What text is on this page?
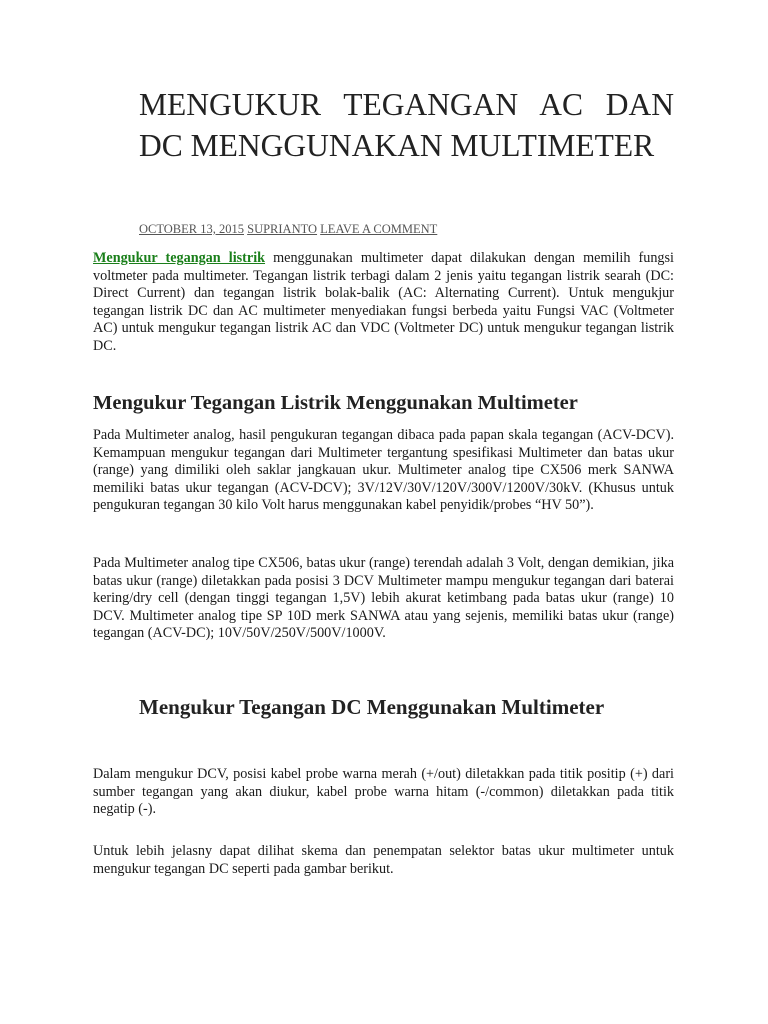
MENGUKUR TEGANGAN AC DAN DC MENGGUNAKAN MULTIMETER
OCTOBER 13, 2015 SUPRIANTO LEAVE A COMMENT

Mengukur tegangan listrik menggunakan multimeter dapat dilakukan dengan memilih fungsi voltmeter pada multimeter. Tegangan listrik terbagi dalam 2 jenis yaitu tegangan listrik searah (DC: Direct Current) dan tegangan listrik bolak-balik (AC: Alternating Current). Untuk mengukjur tegangan listrik DC dan AC multimeter menyediakan fungsi berbeda yaitu Fungsi VAC (Voltmeter AC) untuk mengukur tegangan listrik AC dan VDC (Voltmeter DC) untuk mengukur tegangan listrik DC.

Mengukur Tegangan Listrik Menggunakan Multimeter

Pada Multimeter analog, hasil pengukuran tegangan dibaca pada papan skala tegangan (ACV-DCV). Kemampuan mengukur tegangan dari Multimeter tergantung spesifikasi Multimeter dan batas ukur (range) yang dimiliki oleh saklar jangkauan ukur. Multimeter analog tipe CX506 merk SANWA memiliki batas ukur tegangan (ACV-DCV); 3V/12V/30V/120V/300V/1200V/30kV. (Khusus untuk pengukuran tegangan 30 kilo Volt harus menggunakan kabel penyidik/probes “HV 50”).

Pada Multimeter analog tipe CX506, batas ukur (range) terendah adalah 3 Volt, dengan demikian, jika batas ukur (range) diletakkan pada posisi 3 DCV Multimeter mampu mengukur tegangan dari baterai kering/dry cell (dengan tinggi tegangan 1,5V) lebih akurat ketimbang pada batas ukur (range) 10 DCV. Multimeter analog tipe SP 10D merk SANWA atau yang sejenis, memiliki batas ukur (range) tegangan (ACV-DC); 10V/50V/250V/500V/1000V.

Mengukur Tegangan DC Menggunakan Multimeter

Dalam mengukur DCV, posisi kabel probe warna merah (+/out) diletakkan pada titik positip (+) dari sumber tegangan yang akan diukur, kabel probe warna hitam (-/common) diletakkan pada titik negatip (-).

Untuk lebih jelasny dapat dilihat skema dan penempatan selektor batas ukur multimeter untuk mengukur tegangan DC seperti pada gambar berikut.
